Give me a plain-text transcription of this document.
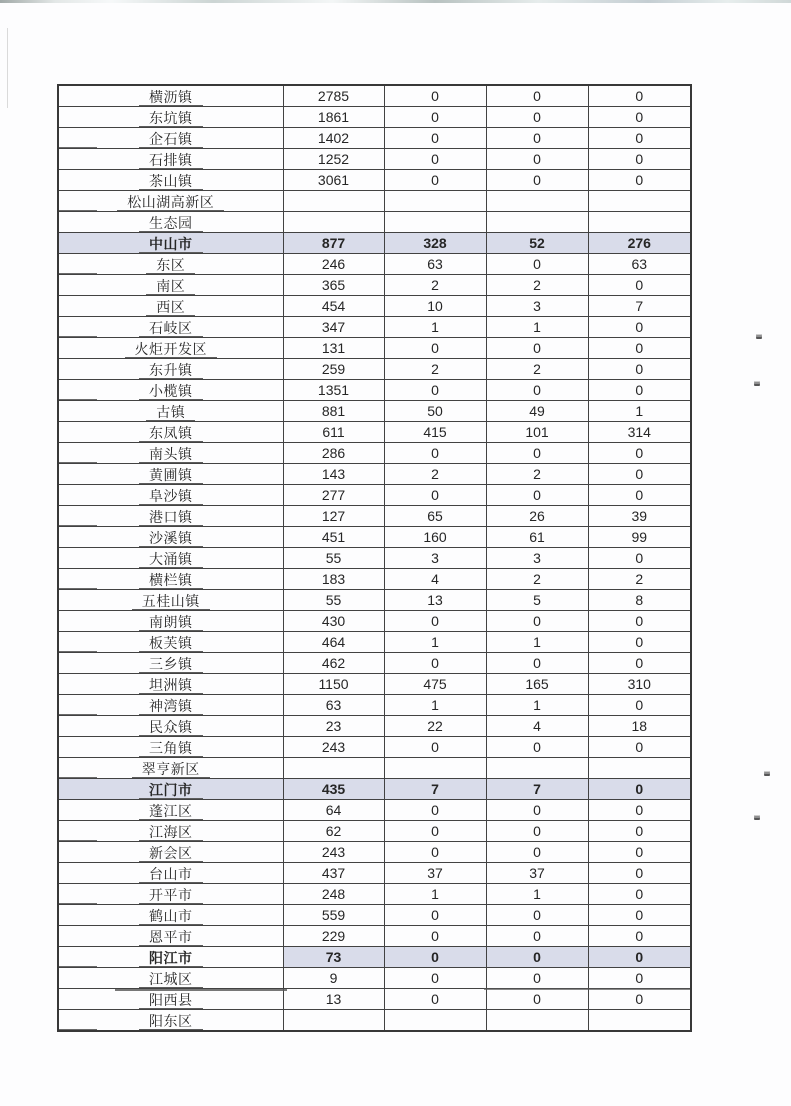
横沥镇	2785	0	0	0
东坑镇	1861	0	0	0
企石镇	1402	0	0	0
石排镇	1252	0	0	0
茶山镇	3061	0	0	0
松山湖高新区				
生态园				
中山市	877	328	52	276
东区	246	63	0	63
南区	365	2	2	0
西区	454	10	3	7
石岐区	347	1	1	0
火炬开发区	131	0	0	0
东升镇	259	2	2	0
小榄镇	1351	0	0	0
古镇	881	50	49	1
东凤镇	611	415	101	314
南头镇	286	0	0	0
黄圃镇	143	2	2	0
阜沙镇	277	0	0	0
港口镇	127	65	26	39
沙溪镇	451	160	61	99
大涌镇	55	3	3	0
横栏镇	183	4	2	2
五桂山镇	55	13	5	8
南朗镇	430	0	0	0
板芙镇	464	1	1	0
三乡镇	462	0	0	0
坦洲镇	1150	475	165	310
神湾镇	63	1	1	0
民众镇	23	22	4	18
三角镇	243	0	0	0
翠亨新区				
江门市	435	7	7	0
蓬江区	64	0	0	0
江海区	62	0	0	0
新会区	243	0	0	0
台山市	437	37	37	0
开平市	248	1	1	0
鹤山市	559	0	0	0
恩平市	229	0	0	0
阳江市	73	0	0	0
江城区	9	0	0	0
阳西县	13	0	0	0
阳东区				
